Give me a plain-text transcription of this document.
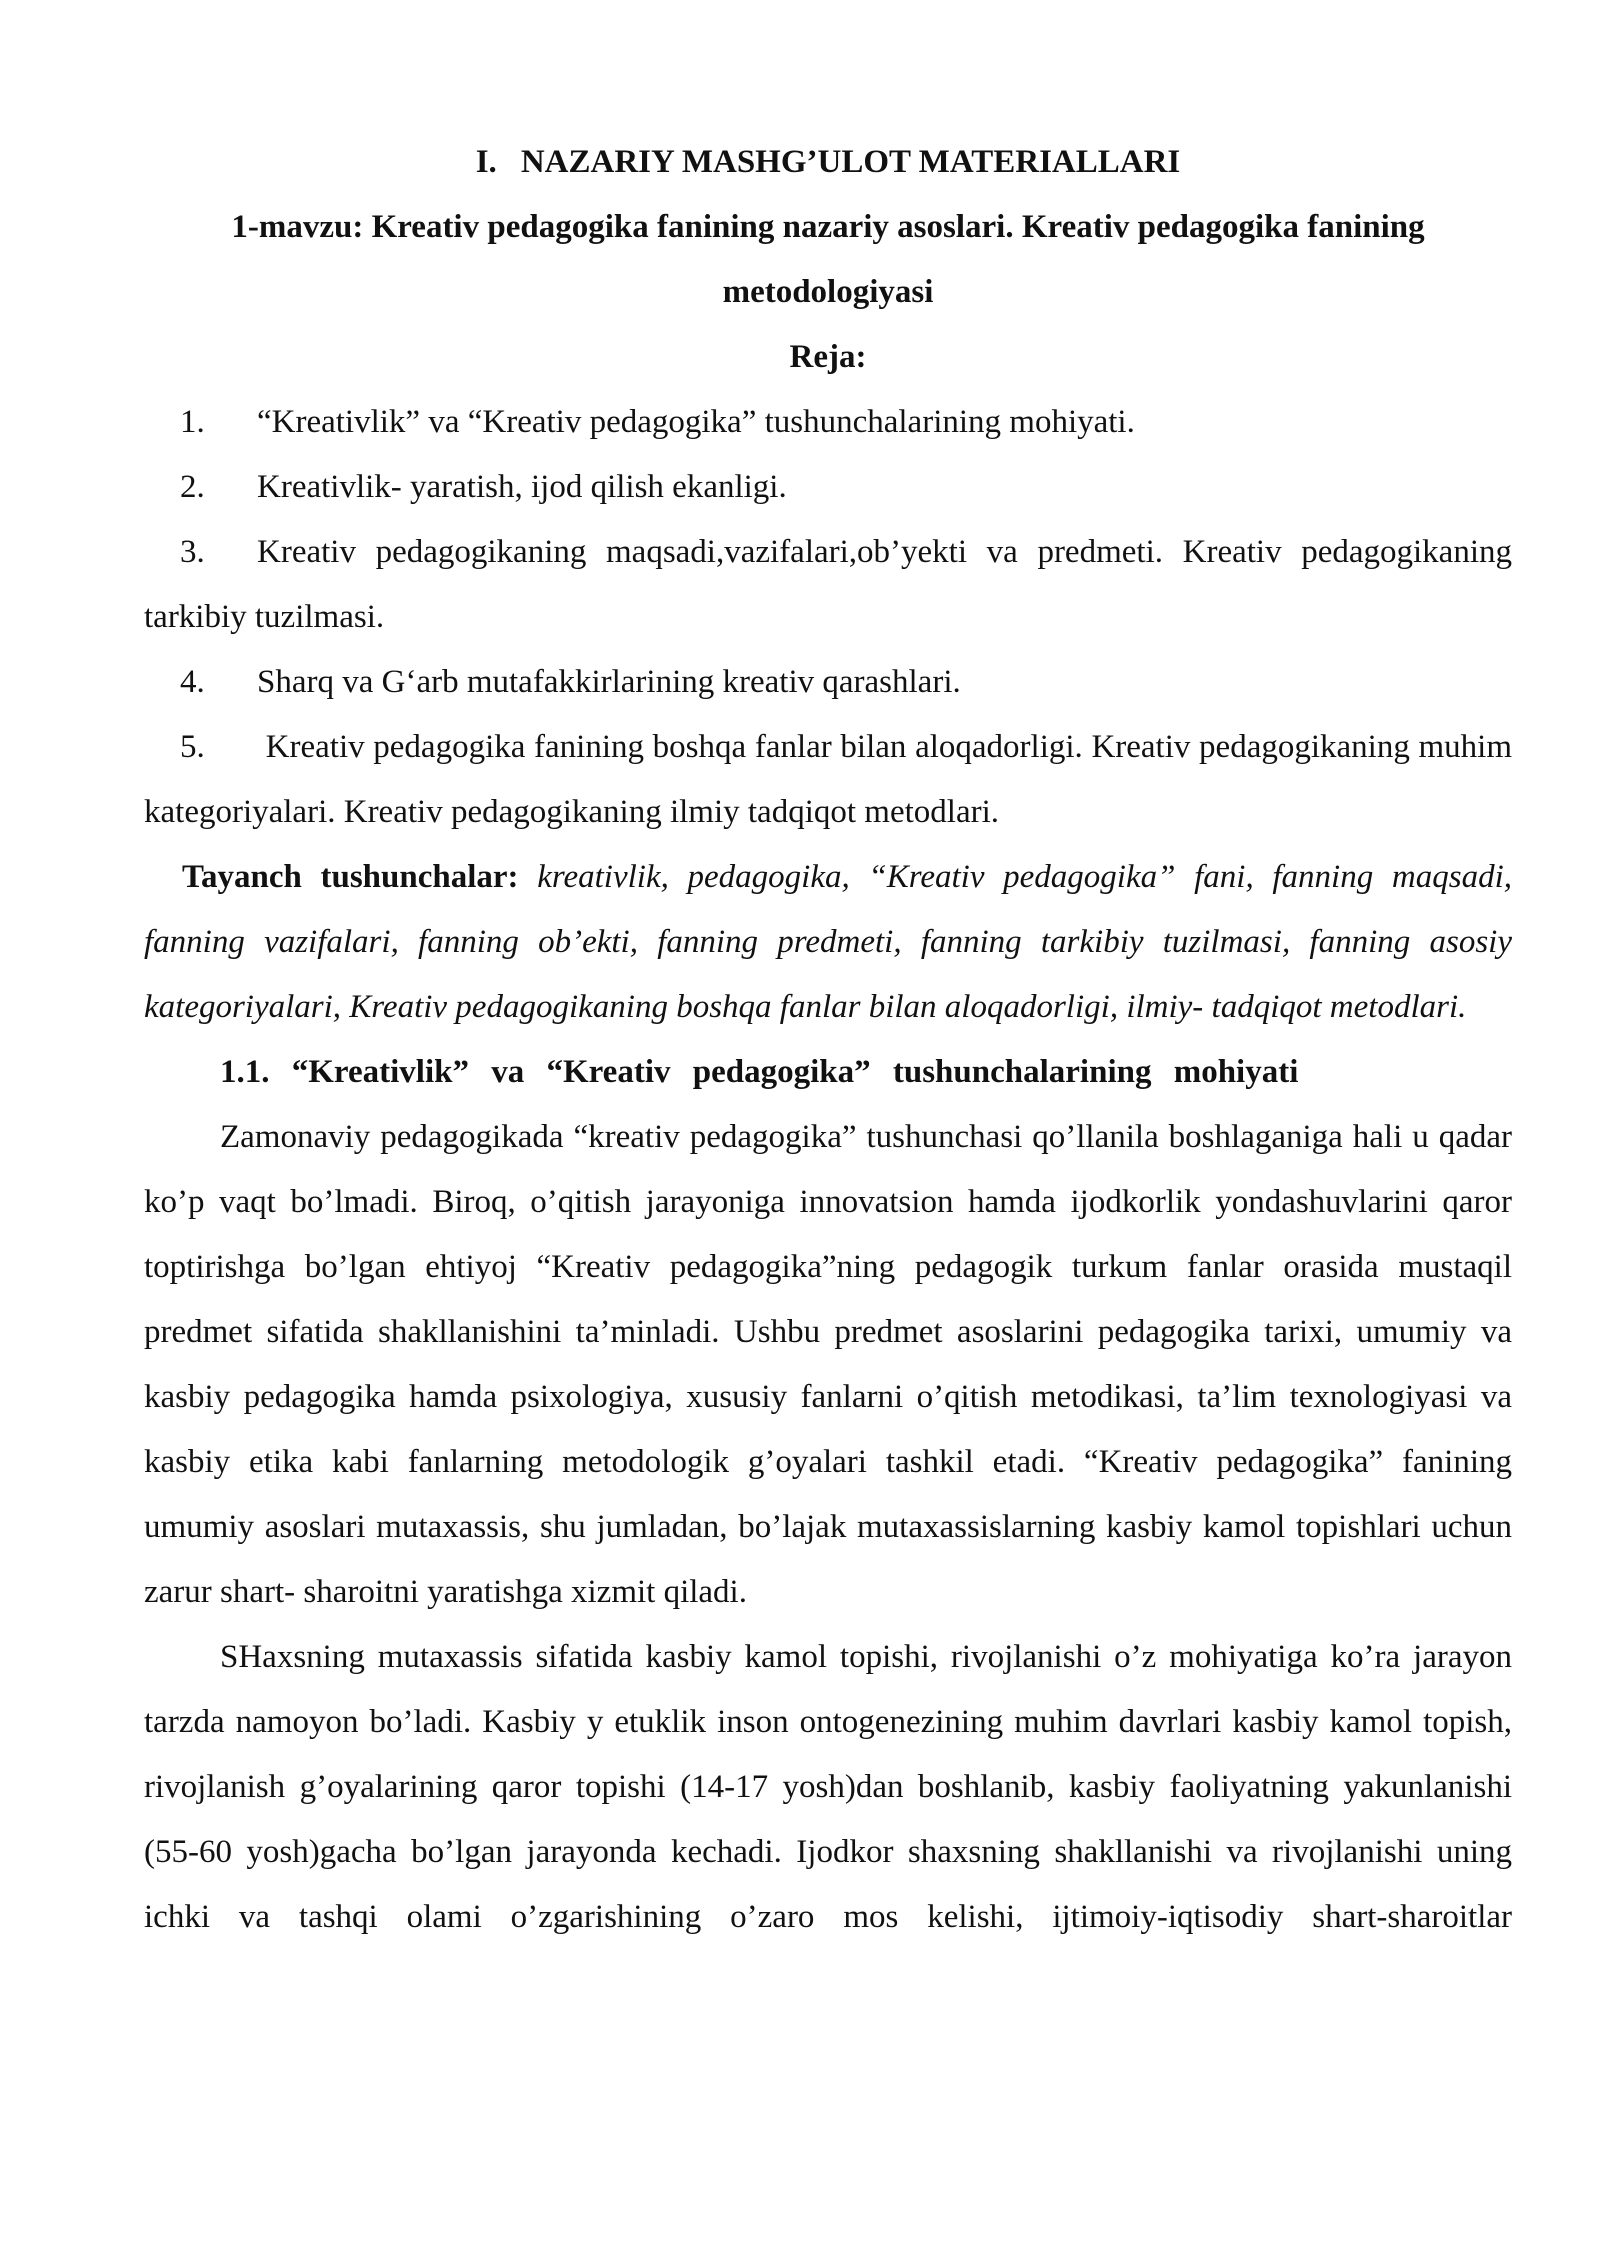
I. NAZARIY MASHG’ULOT MATERIALLARI

1-mavzu: Kreativ pedagogika fanining nazariy asoslari. Kreativ pedagogika fanining

metodologiyasi

Reja:

1. “Kreativlik” va “Kreativ pedagogika” tushunchalarining mohiyati.

2. Kreativlik- yaratish, ijod qilish ekanligi.

3. Kreativ pedagogikaning maqsadi,vazifalari,ob’yekti va predmeti. Kreativ pedagogikaning tarkibiy tuzilmasi.

4. Sharq va G‘arb mutafakkirlarining kreativ qarashlari.

5. Kreativ pedagogika fanining boshqa fanlar bilan aloqadorligi. Kreativ pedagogikaning muhim kategoriyalari. Kreativ pedagogikaning ilmiy tadqiqot metodlari.

Tayanch tushunchalar: kreativlik, pedagogika, “Kreativ pedagogika” fani, fanning maqsadi, fanning vazifalari, fanning ob’ekti, fanning predmeti, fanning tarkibiy tuzilmasi, fanning asosiy kategoriyalari, Kreativ pedagogikaning boshqa fanlar bilan aloqadorligi, ilmiy- tadqiqot metodlari.

1.1. “Kreativlik” va “Kreativ pedagogika” tushunchalarining mohiyati

Zamonaviy pedagogikada “kreativ pedagogika” tushunchasi qo’llanila boshlaganiga hali u qadar ko’p vaqt bo’lmadi. Biroq, o’qitish jarayoniga innovatsion hamda ijodkorlik yondashuvlarini qaror toptirishga bo’lgan ehtiyoj “Kreativ pedagogika”ning pedagogik turkum fanlar orasida mustaqil predmet sifatida shakllanishini ta’minladi. Ushbu predmet asoslarini pedagogika tarixi, umumiy va kasbiy pedagogika hamda psixologiya, xususiy fanlarni o’qitish metodikasi, ta’lim texnologiyasi va kasbiy etika kabi fanlarning metodologik g’oyalari tashkil etadi. “Kreativ pedagogika” fanining umumiy asoslari mutaxassis, shu jumladan, bo’lajak mutaxassislarning kasbiy kamol topishlari uchun zarur shart- sharoitni yaratishga xizmit qiladi.

SHaxsning mutaxassis sifatida kasbiy kamol topishi, rivojlanishi o’z mohiyatiga ko’ra jarayon tarzda namoyon bo’ladi. Kasbiy y etuklik inson ontogenezining muhim davrlari kasbiy kamol topish, rivojlanish g’oyalarining qaror topishi (14-17 yosh)dan boshlanib, kasbiy faoliyatning yakunlanishi (55-60 yosh)gacha bo’lgan jarayonda kechadi. Ijodkor shaxsning shakllanishi va rivojlanishi uning ichki va tashqi olami o’zgarishining o’zaro mos kelishi, ijtimoiy-iqtisodiy shart-sharoitlar
